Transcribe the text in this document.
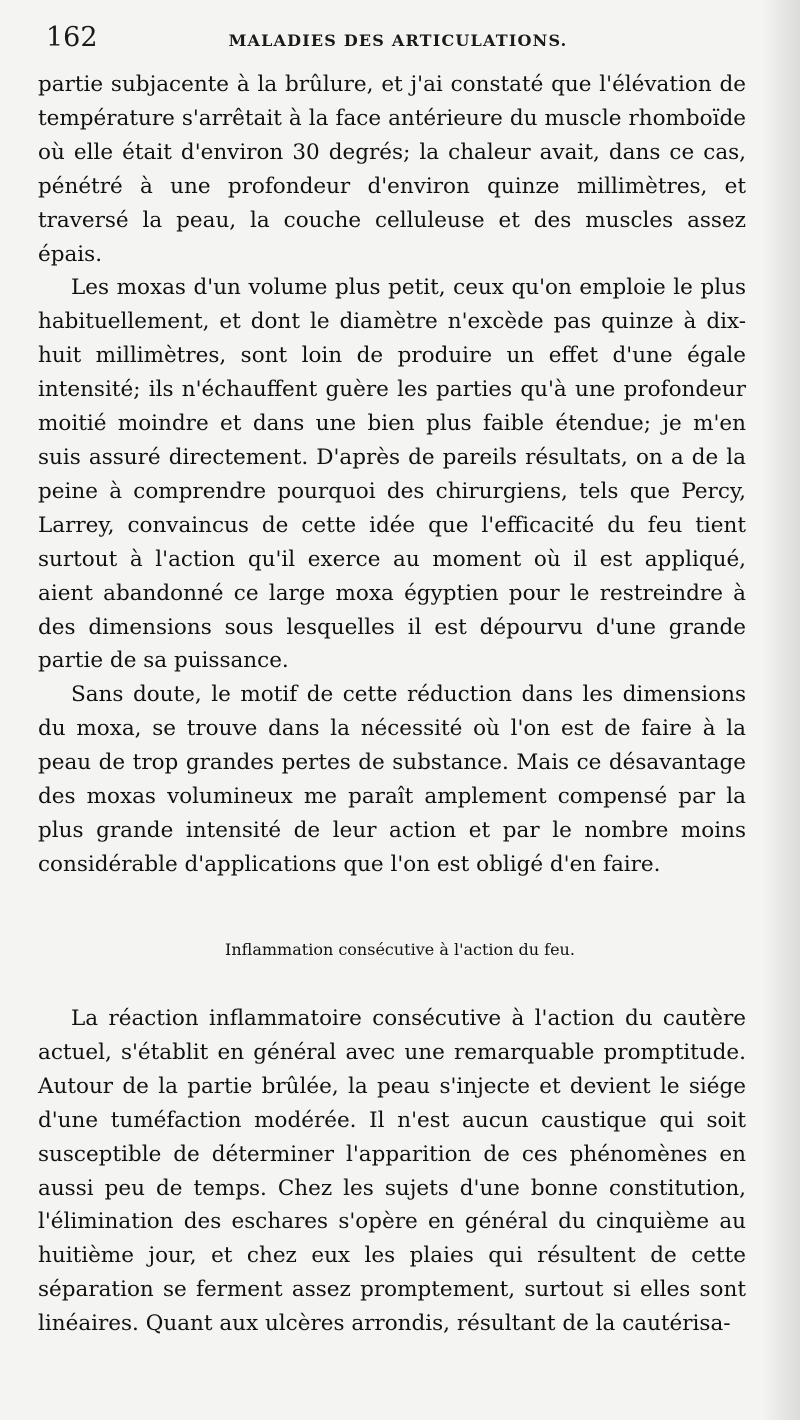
162	MALADIES DES ARTICULATIONS.

partie subjacente à la brûlure, et j'ai constaté que l'élévation de température s'arrêtait à la face antérieure du muscle rhomboïde où elle était d'environ 30 degrés; la chaleur avait, dans ce cas, pénétré à une profondeur d'environ quinze millimètres, et traversé la peau, la couche celluleuse et des muscles assez épais.

Les moxas d'un volume plus petit, ceux qu'on emploie le plus habituellement, et dont le diamètre n'excède pas quinze à dix-huit millimètres, sont loin de produire un effet d'une égale intensité; ils n'échauffent guère les parties qu'à une profondeur moitié moindre et dans une bien plus faible étendue; je m'en suis assuré directement. D'après de pareils résultats, on a de la peine à comprendre pourquoi des chirurgiens, tels que Percy, Larrey, convaincus de cette idée que l'efficacité du feu tient surtout à l'action qu'il exerce au moment où il est appliqué, aient abandonné ce large moxa égyptien pour le restreindre à des dimensions sous lesquelles il est dépourvu d'une grande partie de sa puissance.

Sans doute, le motif de cette réduction dans les dimensions du moxa, se trouve dans la nécessité où l'on est de faire à la peau de trop grandes pertes de substance. Mais ce désavantage des moxas volumineux me paraît amplement compensé par la plus grande intensité de leur action et par le nombre moins considérable d'applications que l'on est obligé d'en faire.

Inflammation consécutive à l'action du feu.

La réaction inflammatoire consécutive à l'action du cautère actuel, s'établit en général avec une remarquable promptitude. Autour de la partie brûlée, la peau s'injecte et devient le siége d'une tuméfaction modérée. Il n'est aucun caustique qui soit susceptible de déterminer l'apparition de ces phénomènes en aussi peu de temps. Chez les sujets d'une bonne constitution, l'élimination des eschares s'opère en général du cinquième au huitième jour, et chez eux les plaies qui résultent de cette séparation se ferment assez promptement, surtout si elles sont linéaires. Quant aux ulcères arrondis, résultant de la cautérisa-
